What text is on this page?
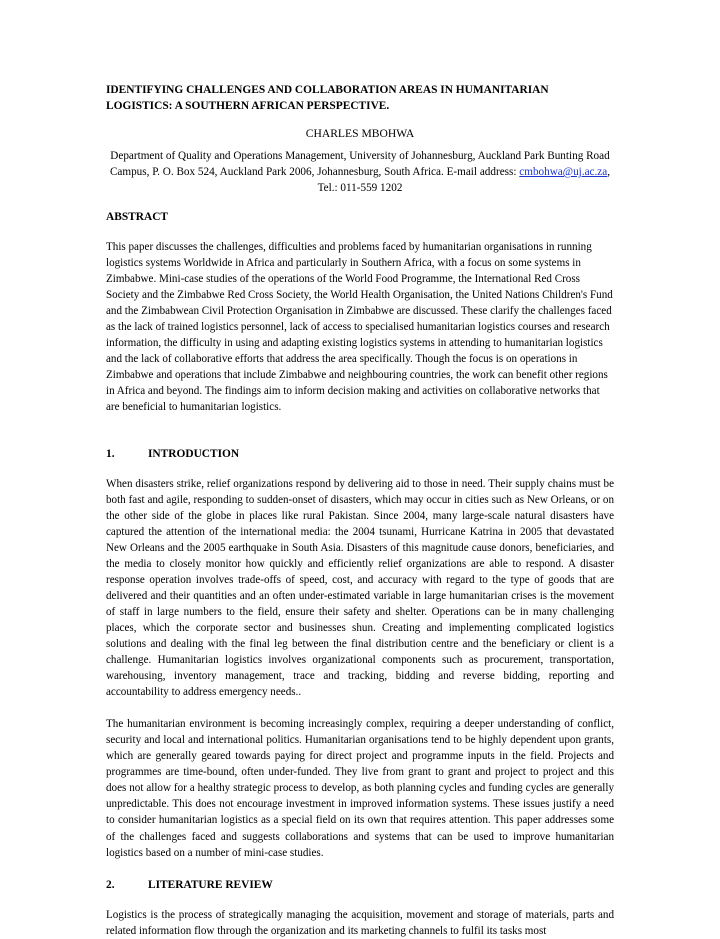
IDENTIFYING CHALLENGES AND COLLABORATION AREAS IN HUMANITARIAN LOGISTICS: A SOUTHERN AFRICAN PERSPECTIVE.
CHARLES MBOHWA
Department of Quality and Operations Management, University of Johannesburg, Auckland Park Bunting Road Campus, P. O. Box 524, Auckland Park 2006, Johannesburg, South Africa. E-mail address: cmbohwa@uj.ac.za, Tel.: 011-559 1202
ABSTRACT

This paper discusses the challenges, difficulties and problems faced by humanitarian organisations in running logistics systems Worldwide in Africa and particularly in Southern Africa, with a focus on some systems in Zimbabwe. Mini-case studies of the operations of the World Food Programme, the International Red Cross Society and the Zimbabwe Red Cross Society, the World Health Organisation, the United Nations Children's Fund and the Zimbabwean Civil Protection Organisation in Zimbabwe are discussed. These clarify the challenges faced as the lack of trained logistics personnel, lack of access to specialised humanitarian logistics courses and research information, the difficulty in using and adapting existing logistics systems in attending to humanitarian logistics and the lack of collaborative efforts that address the area specifically. Though the focus is on operations in Zimbabwe and operations that include Zimbabwe and neighbouring countries, the work can benefit other regions in Africa and beyond. The findings aim to inform decision making and activities on collaborative networks that are beneficial to humanitarian logistics.

1.	INTRODUCTION

When disasters strike, relief organizations respond by delivering aid to those in need. Their supply chains must be both fast and agile, responding to sudden-onset of disasters, which may occur in cities such as New Orleans, or on the other side of the globe in places like rural Pakistan. Since 2004, many large-scale natural disasters have captured the attention of the international media: the 2004 tsunami, Hurricane Katrina in 2005 that devastated New Orleans and the 2005 earthquake in South Asia. Disasters of this magnitude cause donors, beneficiaries, and the media to closely monitor how quickly and efficiently relief organizations are able to respond. A disaster response operation involves trade-offs of speed, cost, and accuracy with regard to the type of goods that are delivered and their quantities and an often under-estimated variable in large humanitarian crises is the movement of staff in large numbers to the field, ensure their safety and shelter. Operations can be in many challenging places, which the corporate sector and businesses shun. Creating and implementing complicated logistics solutions and dealing with the final leg between the final distribution centre and the beneficiary or client is a challenge. Humanitarian logistics involves organizational components such as procurement, transportation, warehousing, inventory management, trace and tracking, bidding and reverse bidding, reporting and accountability to address emergency needs..

The humanitarian environment is becoming increasingly complex, requiring a deeper understanding of conflict, security and local and international politics. Humanitarian organisations tend to be highly dependent upon grants, which are generally geared towards paying for direct project and programme inputs in the field. Projects and programmes are time-bound, often under-funded. They live from grant to grant and project to project and this does not allow for a healthy strategic process to develop, as both planning cycles and funding cycles are generally unpredictable. This does not encourage investment in improved information systems. These issues justify a need to consider humanitarian logistics as a special field on its own that requires attention. This paper addresses some of the challenges faced and suggests collaborations and systems that can be used to improve humanitarian logistics based on a number of mini-case studies.

2.	LITERATURE REVIEW

Logistics is the process of strategically managing the acquisition, movement and storage of materials, parts and related information flow through the organization and its marketing channels to fulfil its tasks most
